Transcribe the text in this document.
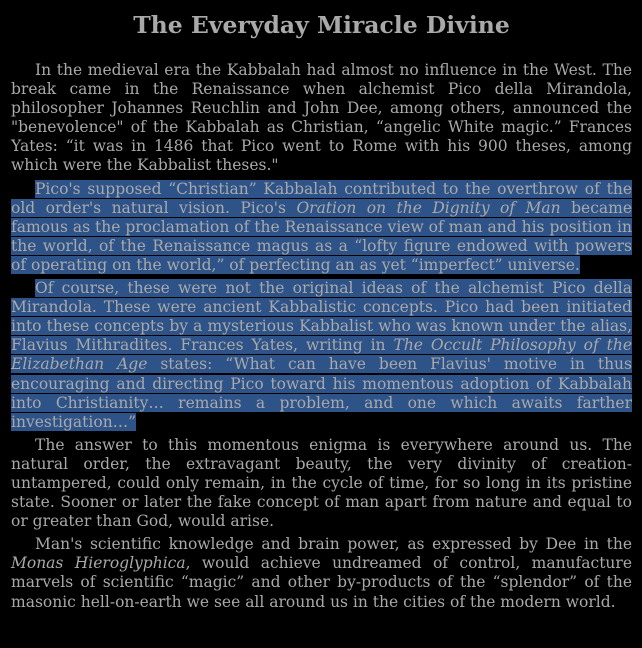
The Everyday Miracle Divine

In the medieval era the Kabbalah had almost no influence in the West. The break came in the Renaissance when alchemist Pico della Mirandola, philosopher Johannes Reuchlin and John Dee, among others, announced the "benevolence" of the Kabbalah as Christian, “angelic White magic.” Frances Yates: “it was in 1486 that Pico went to Rome with his 900 theses, among which were the Kabbalist theses."

Pico's supposed “Christian” Kabbalah contributed to the overthrow of the old order's natural vision. Pico's Oration on the Dignity of Man became famous as the proclamation of the Renaissance view of man and his position in the world, of the Renaissance magus as a “lofty figure endowed with powers of operating on the world,” of perfecting an as yet “imperfect” universe.

Of course, these were not the original ideas of the alchemist Pico della Mirandola. These were ancient Kabbalistic concepts. Pico had been initiated into these concepts by a mysterious Kabbalist who was known under the alias, Flavius Mithradites. Frances Yates, writing in The Occult Philosophy of the Elizabethan Age states: “What can have been Flavius' motive in thus encouraging and directing Pico toward his momentous adoption of Kabbalah into Christianity… remains a problem, and one which awaits farther investigation…”

The answer to this momentous enigma is everywhere around us. The natural order, the extravagant beauty, the very divinity of creation-untampered, could only remain, in the cycle of time, for so long in its pristine state. Sooner or later the fake concept of man apart from nature and equal to or greater than God, would arise.

Man's scientific knowledge and brain power, as expressed by Dee in the Monas Hieroglyphica, would achieve undreamed of control, manufacture marvels of scientific “magic” and other by-products of the “splendor” of the masonic hell-on-earth we see all around us in the cities of the modern world.
